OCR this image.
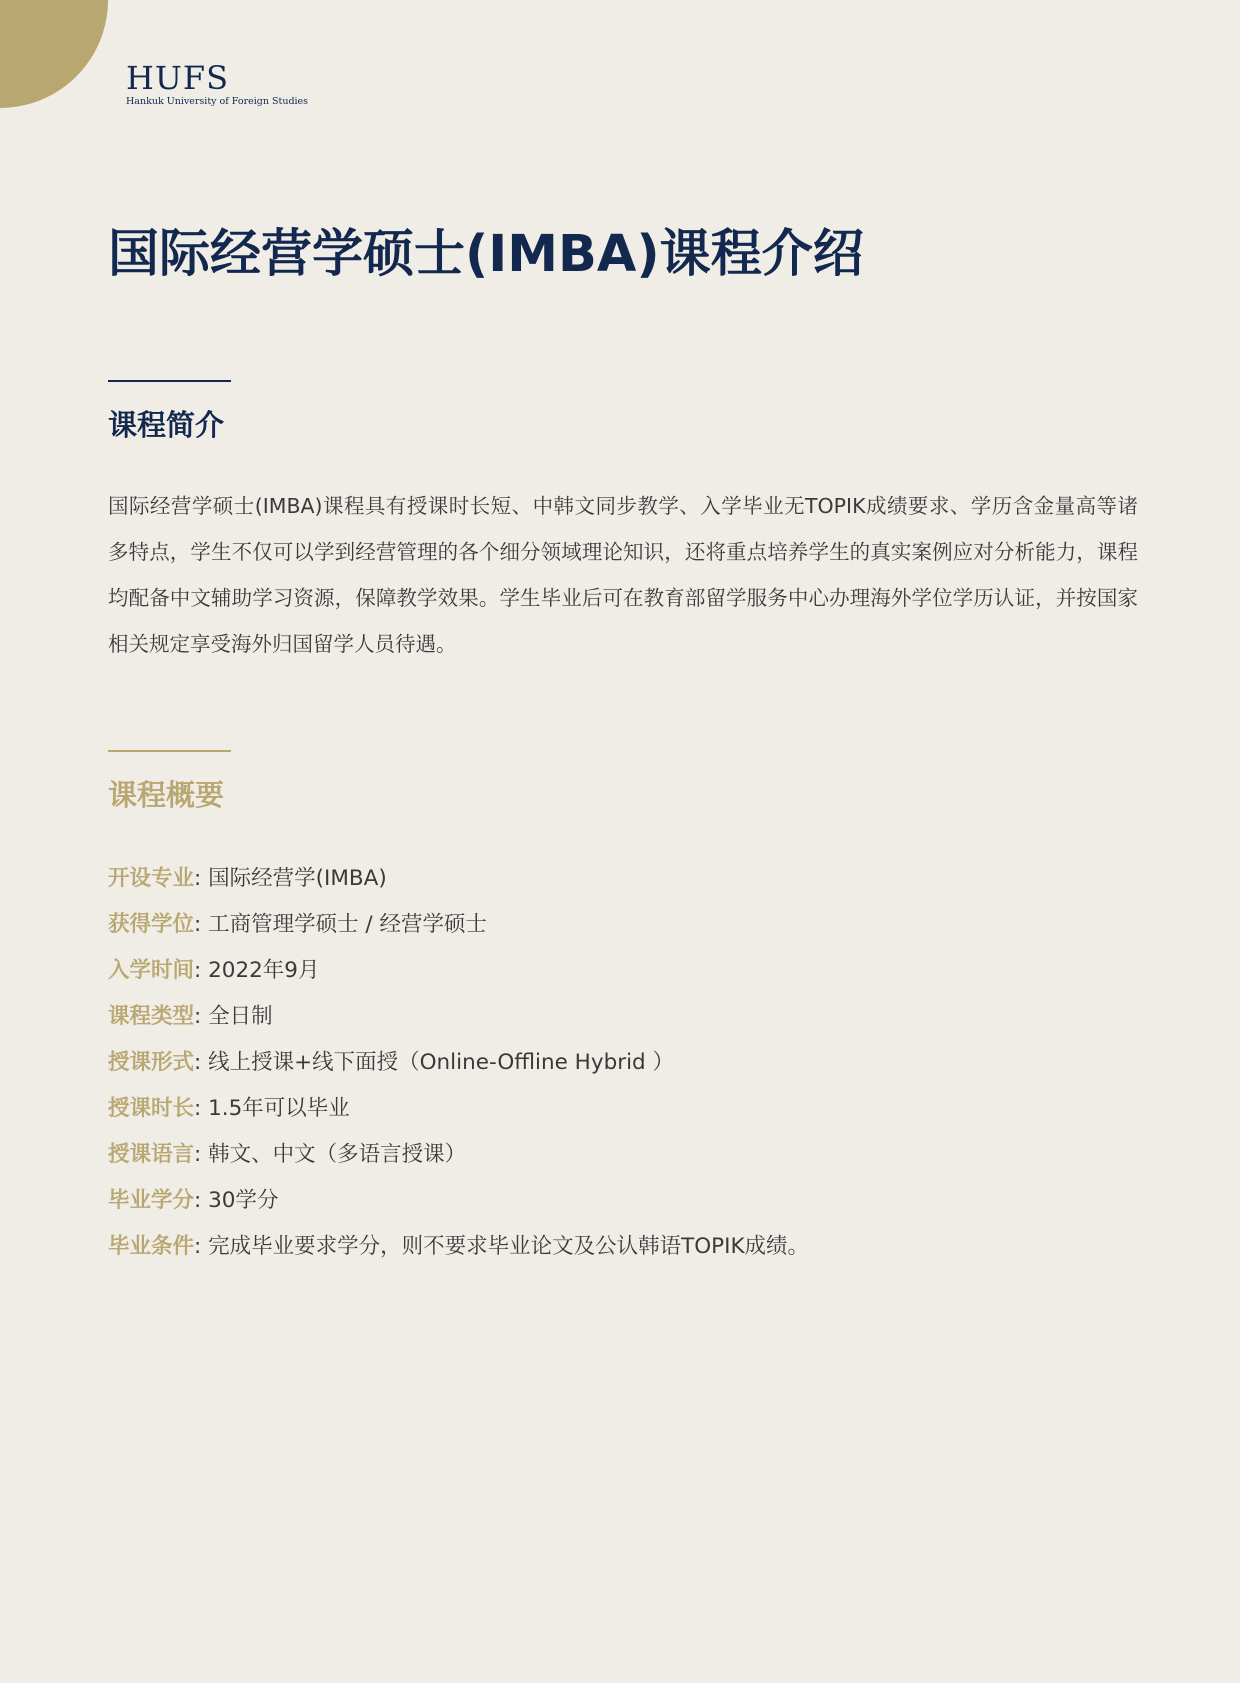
HUFS
Hankuk University of Foreign Studies
国际经营学硕士(IMBA)课程介绍
课程简介

国际经营学硕士(IMBA)课程具有授课时长短、中韩文同步教学、入学毕业无TOPIK成绩要求、学历含金量高等诸多特点，学生不仅可以学到经营管理的各个细分领域理论知识，还将重点培养学生的真实案例应对分析能力，课程均配备中文辅助学习资源，保障教学效果。学生毕业后可在教育部留学服务中心办理海外学位学历认证，并按国家相关规定享受海外归国留学人员待遇。

课程概要
开设专业: 国际经营学(IMBA)
获得学位: 工商管理学硕士 / 经营学硕士
入学时间: 2022年9月
课程类型: 全日制
授课形式: 线上授课+线下面授（Online-Offline Hybrid ）
授课时长: 1.5年可以毕业
授课语言: 韩文、中文（多语言授课）
毕业学分: 30学分
毕业条件: 完成毕业要求学分，则不要求毕业论文及公认韩语TOPIK成绩。
